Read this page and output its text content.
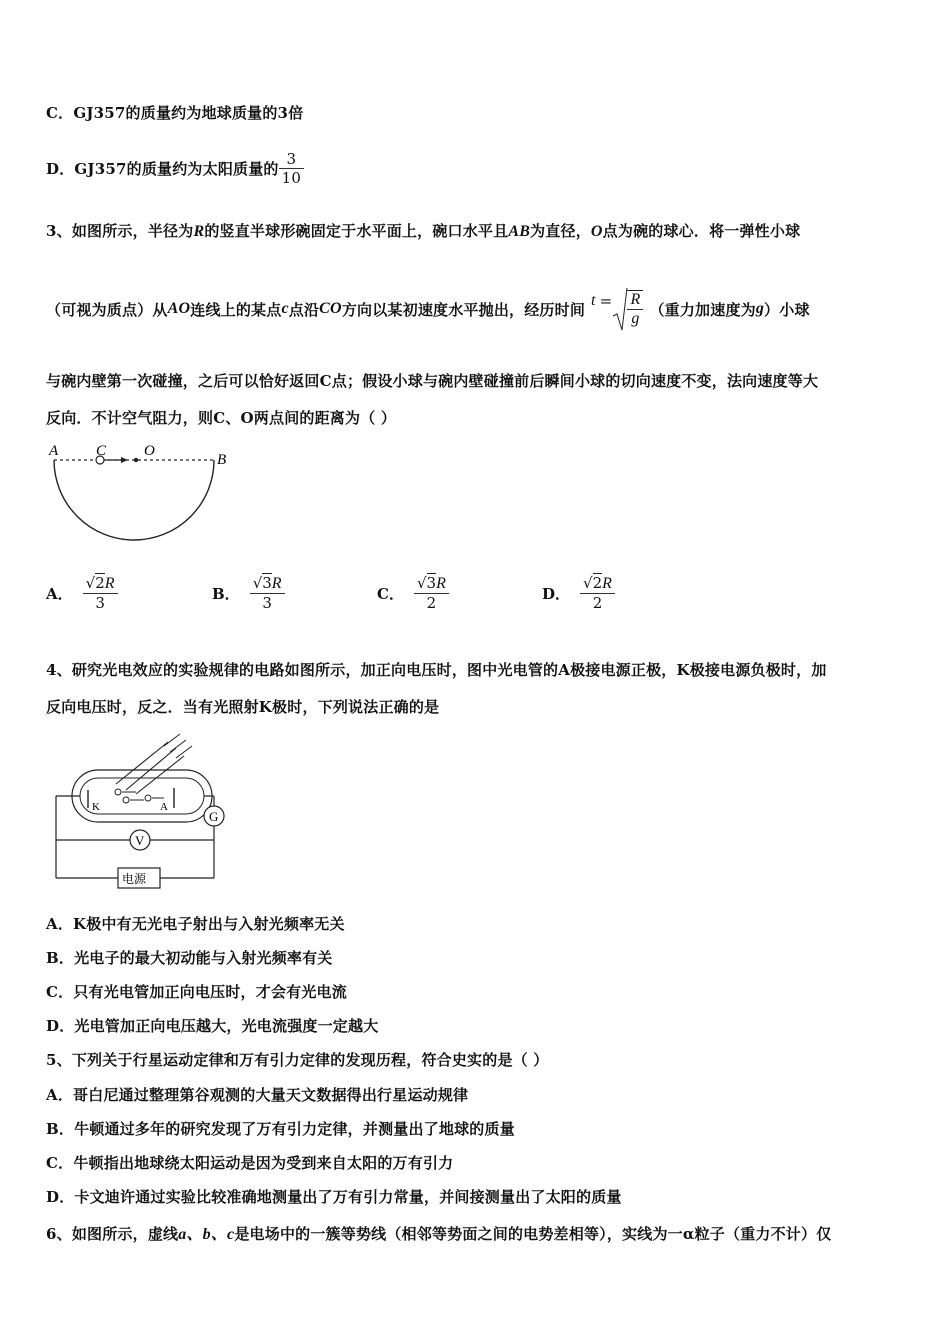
C．GJ357的质量约为地球质量的3倍
D．GJ357的质量约为太阳质量的 $\frac{3}{10}$
3、如图所示，半径为R的竖直半球形碗固定于水平面上，碗口水平且AB为直径，O点为碗的球心．将一弹性小球
（可视为质点）从 AO 连线上的某点 c 点沿 CO 方向以某初速度水平抛出，经历时间 $t = \frac{R}{g}$ （重力加速度为 g ）小球
与碗内壁第一次碰撞，之后可以恰好返回C点；假设小球与碗内壁碰撞前后瞬间小球的切向速度不变，法向速度等大
反向．不计空气阻力，则C、O两点间的距离为（ ）
A	C	O
B
A． $\frac{√2R}{3}$	B． $\frac{√3R}{3}$	C． $\frac{√3R}{2}$	D． $\frac{√2R}{2}$
4、研究光电效应的实验规律的电路如图所示，加正向电压时，图中光电管的A极接电源正极，K极接电源负极时，加
反向电压时，反之．当有光照射K极时，下列说法正确的是
K	A
G
V
电源
A．K极中有无光电子射出与入射光频率无关
B．光电子的最大初动能与入射光频率有关
C．只有光电管加正向电压时，才会有光电流
D．光电管加正向电压越大，光电流强度一定越大
5、下列关于行星运动定律和万有引力定律的发现历程，符合史实的是（ ）
A．哥白尼通过整理第谷观测的大量天文数据得出行星运动规律
B．牛顿通过多年的研究发现了万有引力定律，并测量出了地球的质量
C．牛顿指出地球绕太阳运动是因为受到来自太阳的万有引力
D．卡文迪许通过实验比较准确地测量出了万有引力常量，并间接测量出了太阳的质量
6、如图所示，虚线a、b、c是电场中的一簇等势线（相邻等势面之间的电势差相等），实线为一α粒子（重力不计）仅
